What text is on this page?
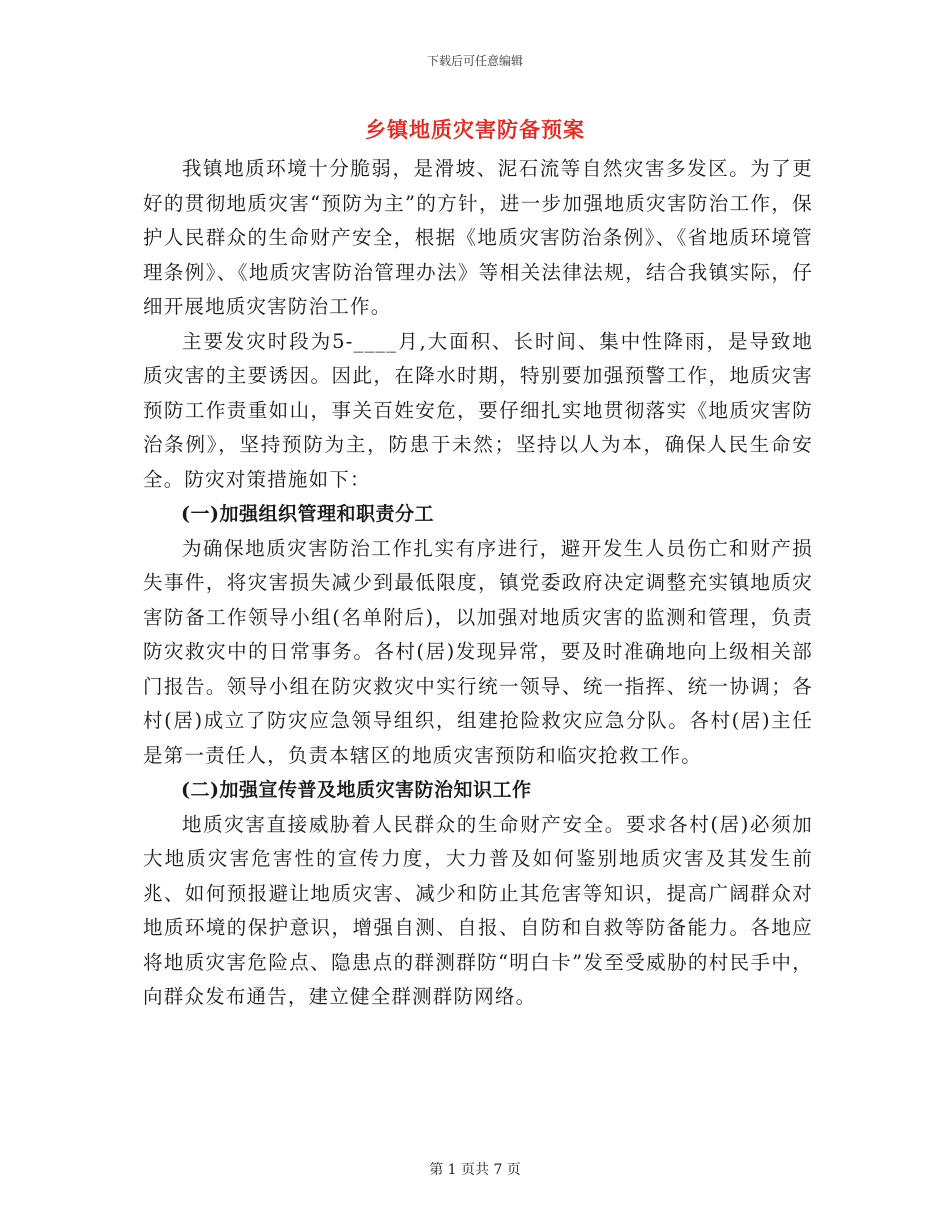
下载后可任意编辑
乡镇地质灾害防备预案

我镇地质环境十分脆弱，是滑坡、泥石流等自然灾害多发区。为了更好的贯彻地质灾害“预防为主”的方针，进一步加强地质灾害防治工作，保护人民群众的生命财产安全，根据《地质灾害防治条例》、《省地质环境管理条例》、《地质灾害防治管理办法》等相关法律法规，结合我镇实际，仔细开展地质灾害防治工作。

主要发灾时段为5-____月,大面积、长时间、集中性降雨，是导致地质灾害的主要诱因。因此，在降水时期，特别要加强预警工作，地质灾害预防工作责重如山，事关百姓安危，要仔细扎实地贯彻落实《地质灾害防治条例》，坚持预防为主，防患于未然；坚持以人为本，确保人民生命安全。防灾对策措施如下：

(一)加强组织管理和职责分工

为确保地质灾害防治工作扎实有序进行，避开发生人员伤亡和财产损失事件，将灾害损失减少到最低限度，镇党委政府决定调整充实镇地质灾害防备工作领导小组(名单附后)，以加强对地质灾害的监测和管理，负责防灾救灾中的日常事务。各村(居)发现异常，要及时准确地向上级相关部门报告。领导小组在防灾救灾中实行统一领导、统一指挥、统一协调；各村(居)成立了防灾应急领导组织，组建抢险救灾应急分队。各村(居)主任是第一责任人，负责本辖区的地质灾害预防和临灾抢救工作。

(二)加强宣传普及地质灾害防治知识工作

地质灾害直接威胁着人民群众的生命财产安全。要求各村(居)必须加大地质灾害危害性的宣传力度，大力普及如何鉴别地质灾害及其发生前兆、如何预报避让地质灾害、减少和防止其危害等知识，提高广阔群众对地质环境的保护意识，增强自测、自报、自防和自救等防备能力。各地应将地质灾害危险点、隐患点的群测群防“明白卡”发至受威胁的村民手中，向群众发布通告，建立健全群测群防网络。

第 1 页共 7 页
